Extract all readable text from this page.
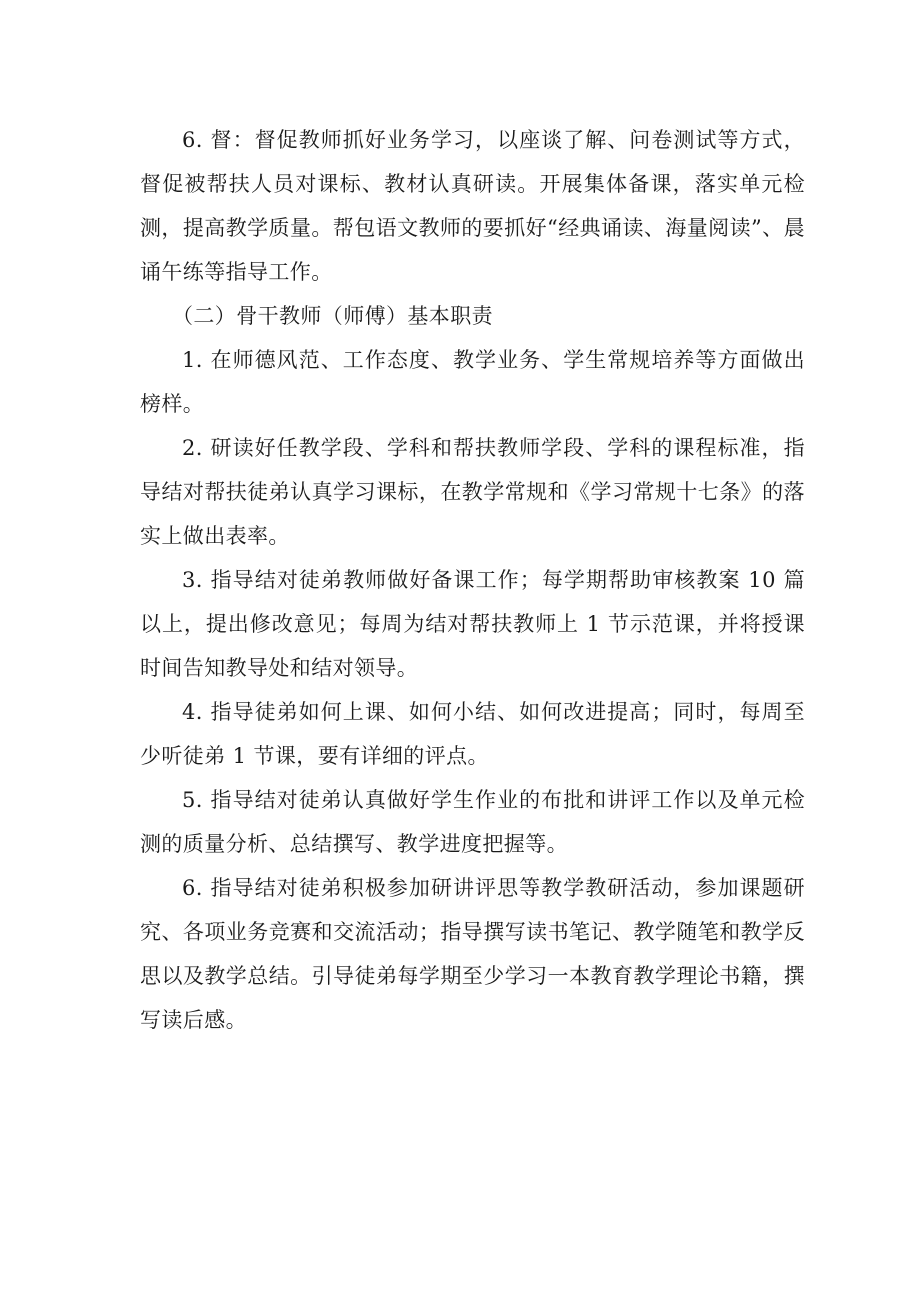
6. 督：督促教师抓好业务学习，以座谈了解、问卷测试等方式，督促被帮扶人员对课标、教材认真研读。开展集体备课，落实单元检测，提高教学质量。帮包语文教师的要抓好“经典诵读、海量阅读”、晨诵午练等指导工作。

（二）骨干教师（师傅）基本职责

1. 在师德风范、工作态度、教学业务、学生常规培养等方面做出榜样。

2. 研读好任教学段、学科和帮扶教师学段、学科的课程标准，指导结对帮扶徒弟认真学习课标，在教学常规和《学习常规十七条》的落实上做出表率。

3. 指导结对徒弟教师做好备课工作；每学期帮助审核教案 10 篇以上，提出修改意见；每周为结对帮扶教师上 1 节示范课，并将授课时间告知教导处和结对领导。

4. 指导徒弟如何上课、如何小结、如何改进提高；同时，每周至少听徒弟 1 节课，要有详细的评点。

5. 指导结对徒弟认真做好学生作业的布批和讲评工作以及单元检测的质量分析、总结撰写、教学进度把握等。

6. 指导结对徒弟积极参加研讲评思等教学教研活动，参加课题研究、各项业务竞赛和交流活动；指导撰写读书笔记、教学随笔和教学反思以及教学总结。引导徒弟每学期至少学习一本教育教学理论书籍，撰写读后感。
